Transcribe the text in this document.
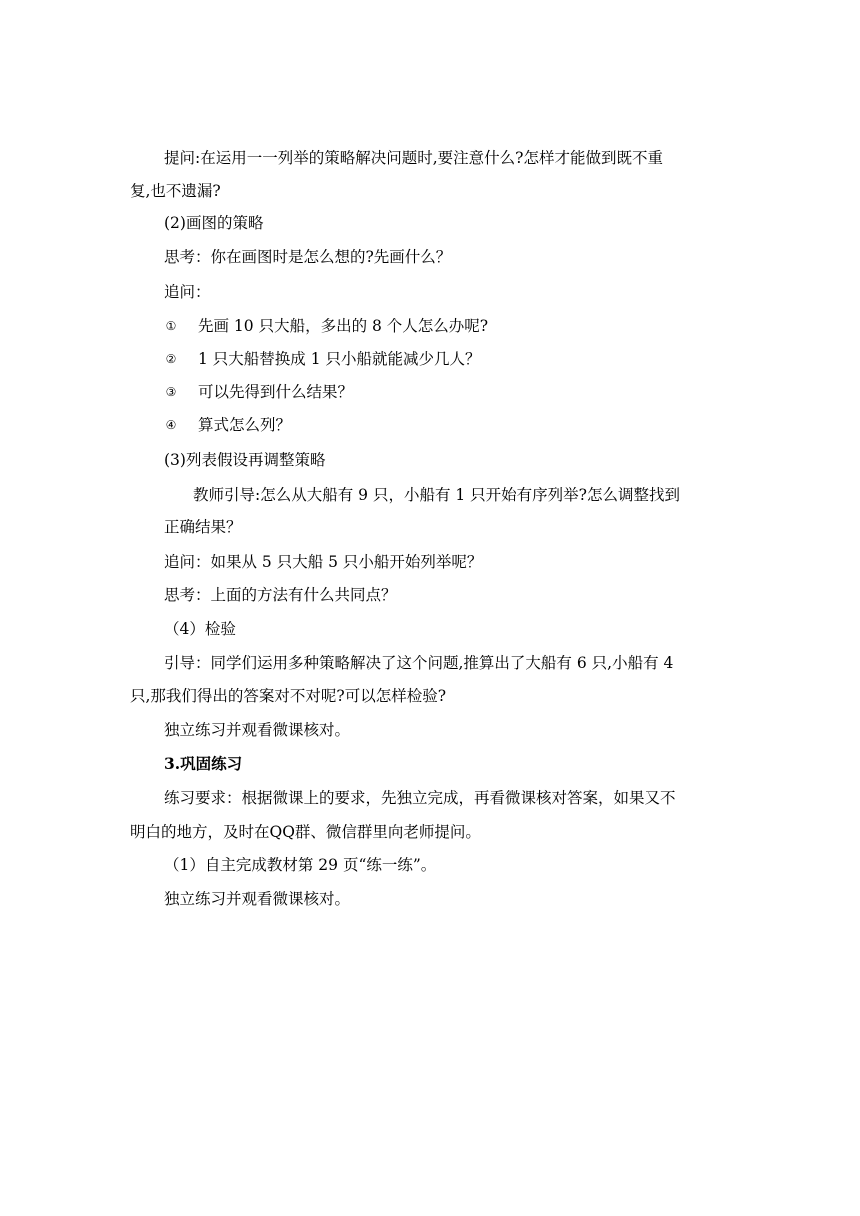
提问:在运用一一列举的策略解决问题时,要注意什么?怎样才能做到既不重
复,也不遗漏?
(2)画图的策略
思考：你在画图时是怎么想的?先画什么？
追问：
① 先画 10 只大船，多出的 8 个人怎么办呢?
② 1 只大船替换成 1 只小船就能减少几人？
③ 可以先得到什么结果？
④ 算式怎么列？
(3)列表假设再调整策略
教师引导:怎么从大船有 9 只，小船有 1 只开始有序列举?怎么调整找到
正确结果？
追问：如果从 5 只大船 5 只小船开始列举呢？
思考：上面的方法有什么共同点？
（4）检验
引导：同学们运用多种策略解决了这个问题,推算出了大船有 6 只,小船有 4
只,那我们得出的答案对不对呢?可以怎样检验?
独立练习并观看微课核对。
3.巩固练习
练习要求：根据微课上的要求，先独立完成，再看微课核对答案，如果又不
明白的地方，及时在QQ群、微信群里向老师提问。
（1）自主完成教材第 29 页“练一练”。
独立练习并观看微课核对。
